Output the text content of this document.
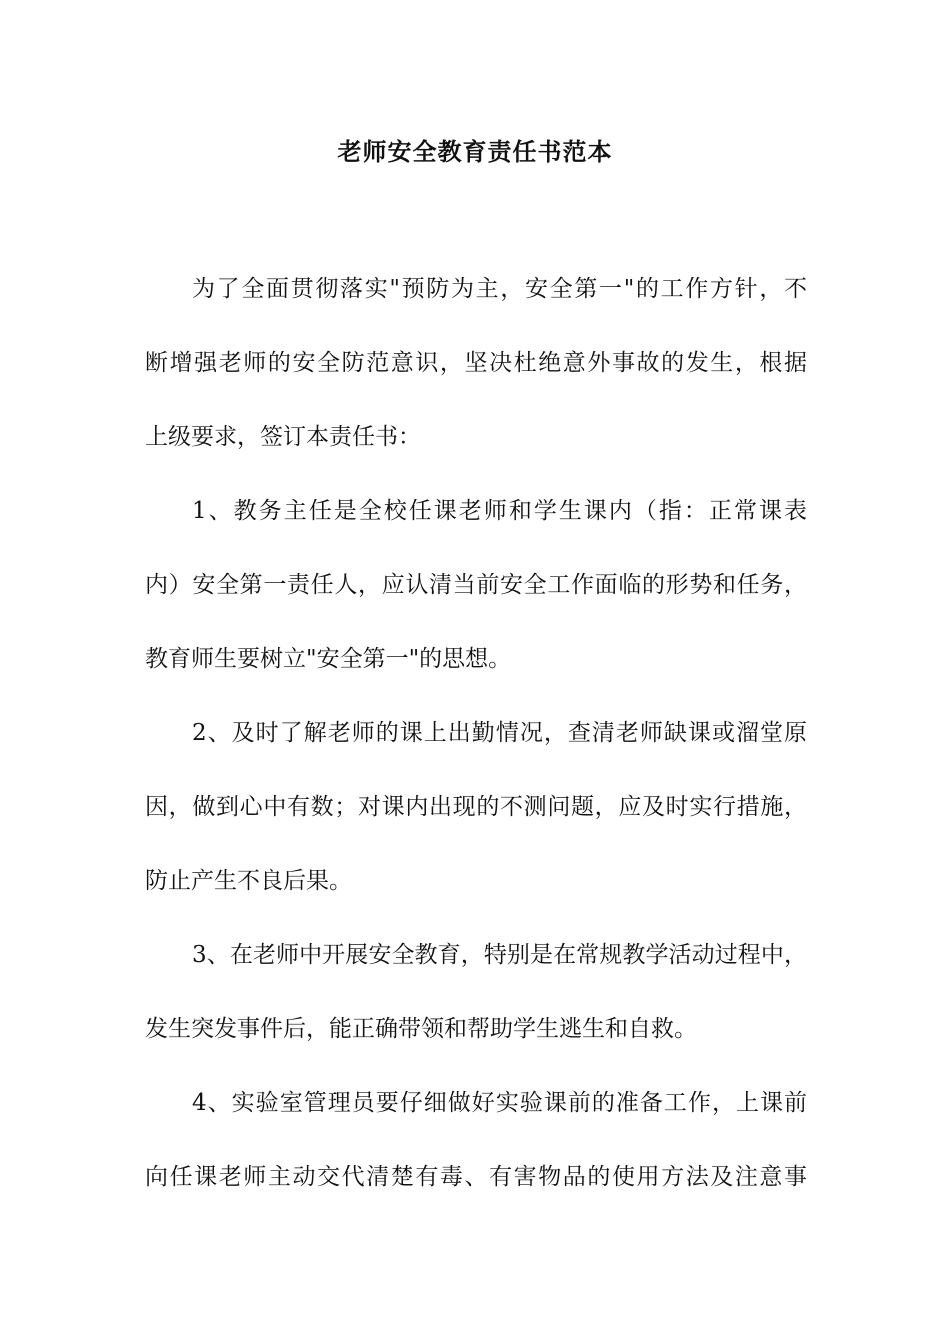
老师安全教育责任书范本

为了全面贯彻落实"预防为主，安全第一"的工作方针，不
断增强老师的安全防范意识，坚决杜绝意外事故的发生，根据
上级要求，签订本责任书：

1、教务主任是全校任课老师和学生课内（指：正常课表
内）安全第一责任人，应认清当前安全工作面临的形势和任务，
教育师生要树立"安全第一"的思想。

2、及时了解老师的课上出勤情况，查清老师缺课或溜堂原
因，做到心中有数；对课内出现的不测问题，应及时实行措施，
防止产生不良后果。

3、在老师中开展安全教育，特别是在常规教学活动过程中，
发生突发事件后，能正确带领和帮助学生逃生和自救。

4、实验室管理员要仔细做好实验课前的准备工作，上课前
向任课老师主动交代清楚有毒、有害物品的使用方法及注意事
